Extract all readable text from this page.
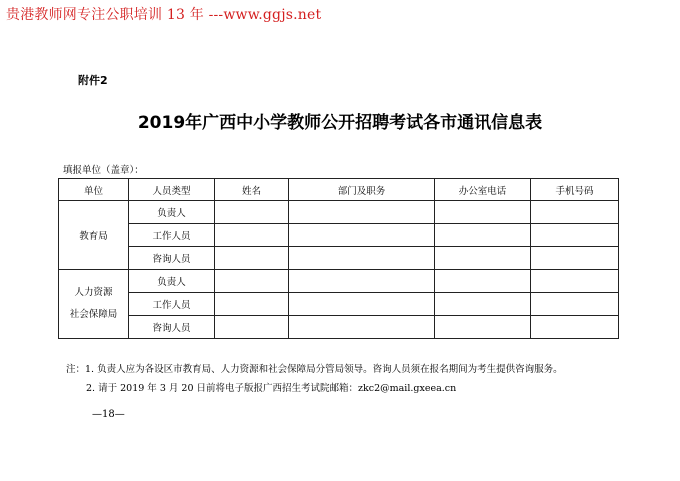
贵港教师网专注公职培训 13 年 ---www.ggjs.net
附件2
2019年广西中小学教师公开招聘考试各市通讯信息表
填报单位（盖章）：
单位	人员类型	姓名	部门及职务	办公室电话	手机号码
教育局	负责人				
	工作人员				
	咨询人员				

人力资源
社会保障局	负责人				
	工作人员				
	咨询人员				
注：1. 负责人应为各设区市教育局、人力资源和社会保障局分管局领导。咨询人员须在报名期间为考生提供咨询服务。
2. 请于 2019 年 3 月 20 日前将电子版报广西招生考试院邮箱：zkc2@mail.gxeea.cn
—18—
